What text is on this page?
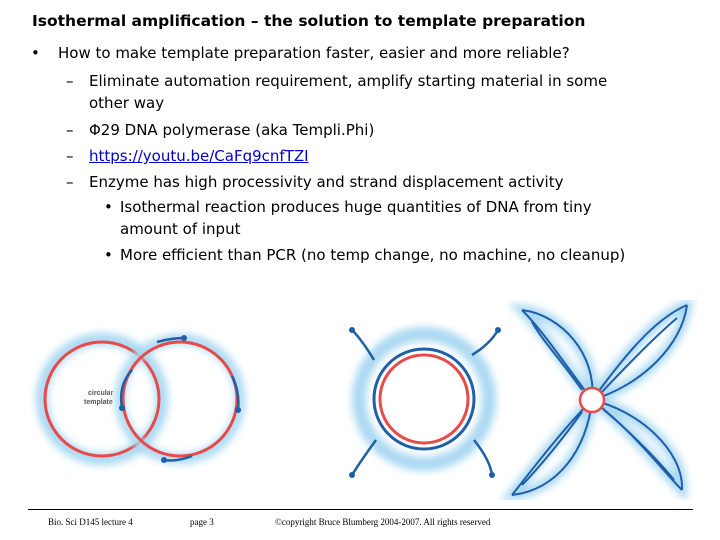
Isothermal amplification – the solution to template preparation
• How to make template preparation faster, easier and more reliable?
– Eliminate automation requirement, amplify starting material in some
other way
– Φ29 DNA polymerase (aka Templi.Phi)
– https://youtu.be/CaFq9cnfTZI
– Enzyme has high processivity and strand displacement activity
• Isothermal reaction produces huge quantities of DNA from tiny
amount of input
• More efficient than PCR (no temp change, no machine, no cleanup)
circular
template
Bio. Sci D145 lecture 4	page 3	©copyright Bruce Blumberg 2004-2007. All rights reserved
